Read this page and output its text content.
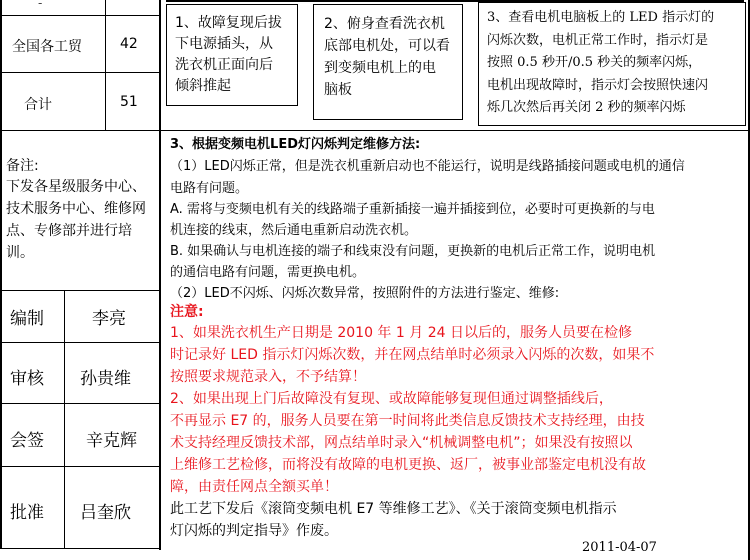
‑
全国各工贸	42
合计	51
备注:
下发各星级服务中心、
技术服务中心、维修网
点、专修部并进行培
训。
编制	李亮
审核 孙贵维
会签 辛克辉
批准 吕奎欣
1、故障复现后拔
下电源插头，从
洗衣机正面向后
倾斜推起
2、俯身查看洗衣机
底部电机处，可以看
到变频电机上的电
脑板
3、查看电机电脑板上的 LED 指示灯的
闪烁次数，电机正常工作时，指示灯是
按照 0.5 秒开/0.5 秒关的频率闪烁，
电机出现故障时，指示灯会按照快速闪
烁几次然后再关闭 2 秒的频率闪烁
3、根据变频电机LED灯闪烁判定维修方法:
（1）LED闪烁正常，但是洗衣机重新启动也不能运行，说明是线路插接问题或电机的通信
电路有问题。
A. 需将与变频电机有关的线路端子重新插接一遍并插接到位，必要时可更换新的与电
机连接的线束，然后通电重新启动洗衣机。
B. 如果确认与电机连接的端子和线束没有问题，更换新的电机后正常工作，说明电机
的通信电路有问题，需更换电机。
（2）LED不闪烁、闪烁次数异常，按照附件的方法进行鉴定、维修:
注意:
1、如果洗衣机生产日期是 2010 年 1 月 24 日以后的，服务人员要在检修
时记录好 LED 指示灯闪烁次数，并在网点结单时必须录入闪烁的次数，如果不
按照要求规范录入，不予结算！
2、如果出现上门后故障没有复现、或故障能够复现但通过调整插线后，
不再显示 E7 的，服务人员要在第一时间将此类信息反馈技术支持经理，由技
术支持经理反馈技术部，网点结单时录入“机械调整电机”；如果没有按照以
上维修工艺检修，而将没有故障的电机更换、返厂，被事业部鉴定电机没有故
障，由责任网点全额买单！
此工艺下发后《滚筒变频电机 E7 等维修工艺》、《关于滚筒变频电机指示
灯闪烁的判定指导》作废。
2011-04-07
